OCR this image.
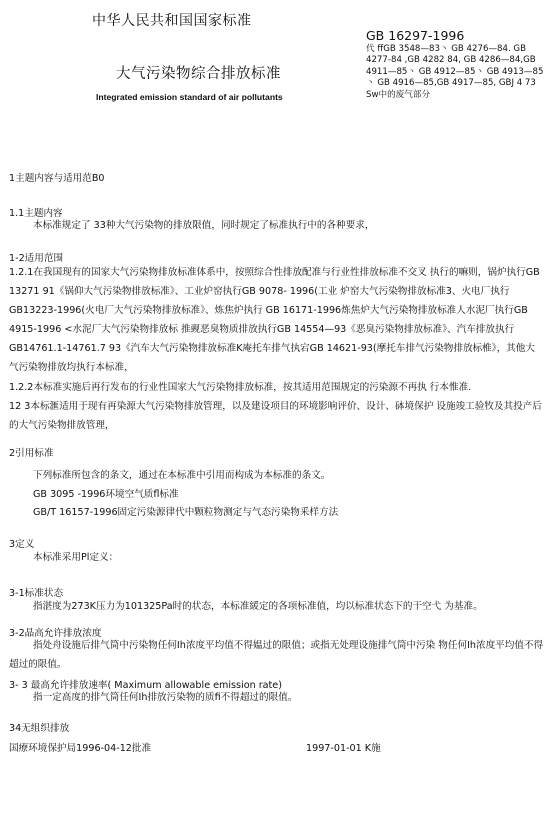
中华人民共和国国家标准
GB 16297-1996
代 ffGB 3548—83丶 GB 4276—84. GB 4277-84 ,GB 4282 84, GB 4286—84,GB 4911—85丶 GB 4912—85丶 GB 4913—85丶 GB 4916—85,GB 4917—85, GBJ 4 73 Sw中的废气部分
大气污染物综合排放标准
Integrated emission standard of air pollutants
1主题内容与适用范B0
1.1主题内容
本标准规定了 33种大气污染物的排放限值，同时规定了标准执行中的各种要求，
1-2适用范围
1.2.1在我国现有的国家大气污染物排放标准体系中，按照综合性排放配准与行业性排放标准不交叉 执行的嘛则，锅炉执行GB 13271 91《锅仰大气污染物排放标准》、工业炉窑执行GB 9078- 1996(工业 炉窑大气污染物排放标准3、火电厂执行GB13223-1996(火电厂大气污染物排放标准》、炼焦炉执行 GB 16171-1996炼焦炉大气污染物排放标准人水泥厂执行GB 4915-1996 <水泥厂大气污染物排放标 推觋恶臭物质排放执行GB 14554—93《恶臭污染物排放标准》、汽车排放执行GB14761.1-14761.7 93《汽车大气污染物排放标准K庵托车排气执宕GB 14621-93(摩托车排气污染物排放标椎》，其他大 气污染物排放均执行本标准，
1.2.2本标准实施后再行发布的行业性国家大气污染物排放标准，按其适用范围规定的污染源不再执 行本惟准.
12 3本标滙适用于现有再染源大气污染物排放管理，以及建设项目的环境影响评价、设计、砵境保护 设施竣工验牧及其投产后的大气污染物排放管理，
2引用标准
下列标准所包含的条文，通过在本标准中引用而构成为本标准的条文。
GB 3095 -1996环境空气质fl标准
GB/T 16157-1996固定污染源律代中颗粒物测定与气态污染物釆样方法
3定义
本标准采用Pl定义：
3-1标准状态
指湛度为273K压力为101325Pa时的状态，本标准緩定的各项标准值，均以标准状态下的干空弋 为基准。
3-2晶高允许排放浓度
指处舟设施后排气筒中污染物任何Ih浓度平均值不得媪过的限值；或指无处理设施排气筒中污染 物任何Ih浓度平均值不得超过的限值。
3- 3 最高允许排放速率( Maximum allowable emission rate)
指一定高度的排气筒任何Ih排放污染物的质fi不得超过的限值。
34无组织排放
国療环境保护局1996-04-12批准	1997-01-01 K施
